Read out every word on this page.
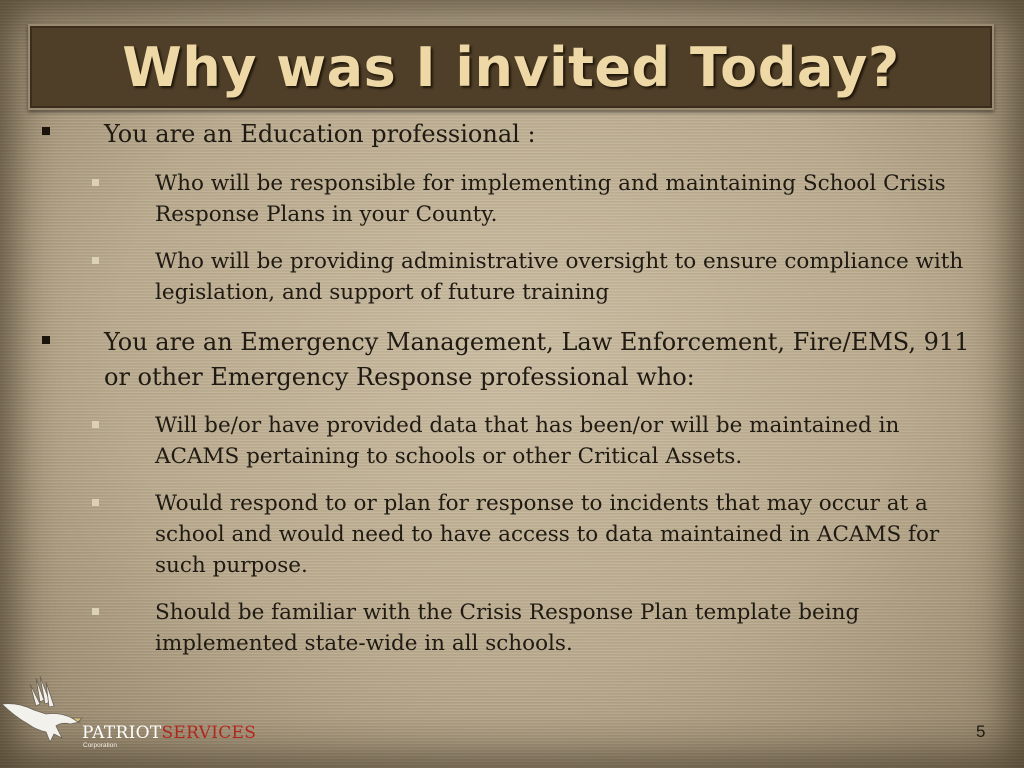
Why was I invited Today?
You are an Education professional :
Who will be responsible for implementing and maintaining School Crisis Response Plans in your County.
Who will be providing administrative oversight to ensure compliance with legislation, and support of future training
You are an Emergency Management, Law Enforcement, Fire/EMS, 911 or other Emergency Response professional who:
Will be/or have provided data that has been/or will be maintained in ACAMS pertaining to schools or other Critical Assets.
Would respond to or plan for response to incidents that may occur at a school and would need to have access to data maintained in ACAMS for such purpose.
Should be familiar with the Crisis Response Plan template being implemented state-wide in all schools.
PATRIOTSERVICES
Corporation
5
